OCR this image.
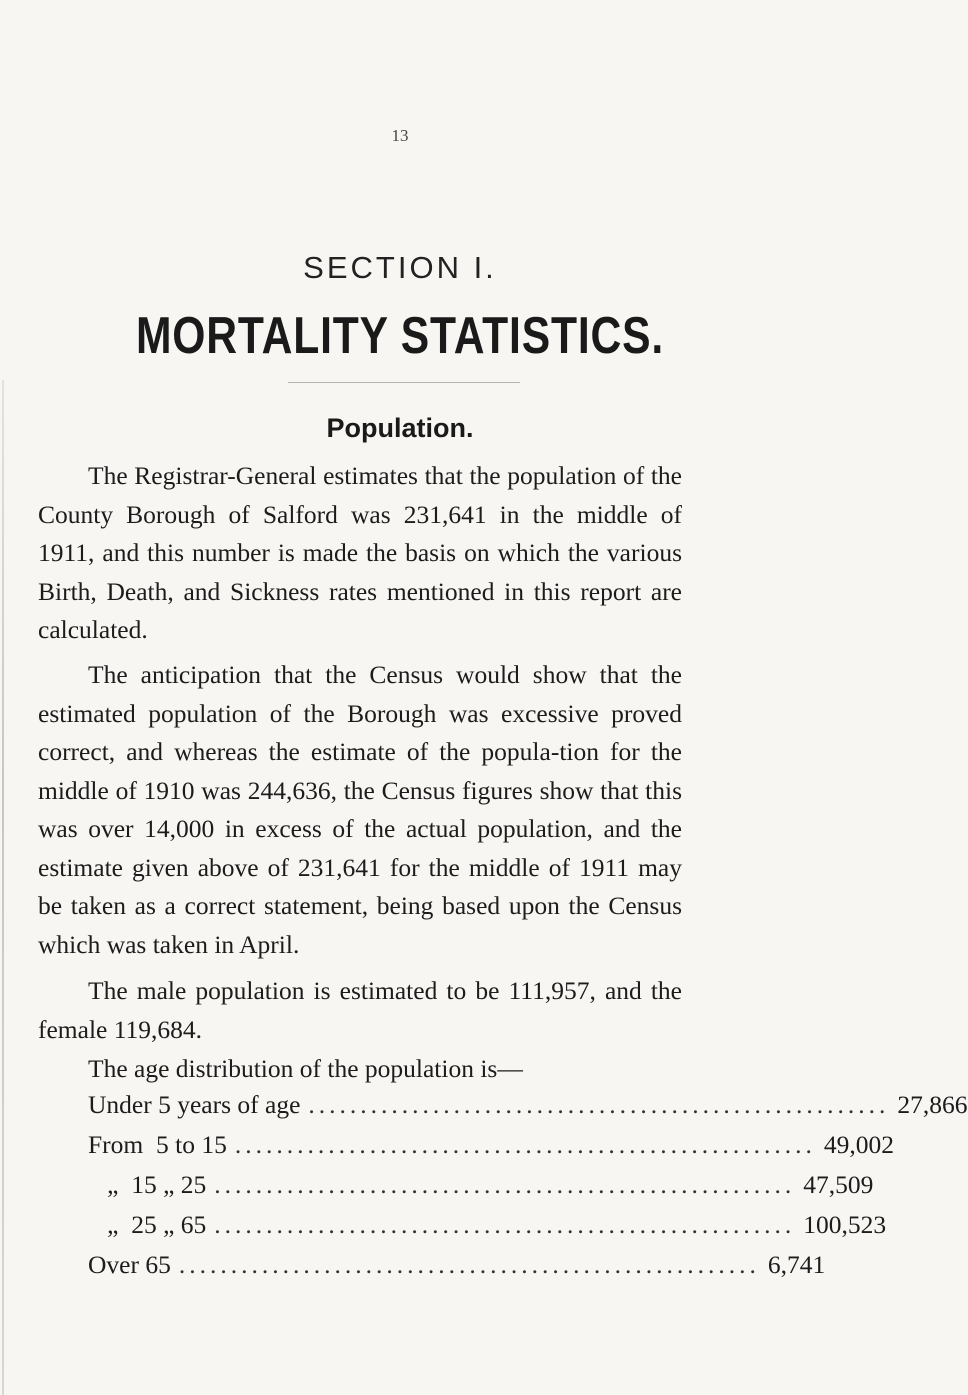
13
SECTION I.
MORTALITY STATISTICS.
Population.

The Registrar-General estimates that the population of the County Borough of Salford was 231,641 in the middle of 1911, and this number is made the basis on which the various Birth, Death, and Sickness rates mentioned in this report are calculated.

The anticipation that the Census would show that the estimated population of the Borough was excessive proved correct, and whereas the estimate of the popula-tion for the middle of 1910 was 244,636, the Census figures show that this was over 14,000 in excess of the actual population, and the estimate given above of 231,641 for the middle of 1911 may be taken as a correct statement, being based upon the Census which was taken in April.

The male population is estimated to be 111,957, and the female 119,684.

The age distribution of the population is—

Under 5 years of age ........................................................ 27,866
From  5 to 15 ........................................................ 49,002
„  15 „ 25 ........................................................ 47,509
„  25 „ 65 ........................................................ 100,523
Over 65 ........................................................ 6,741
